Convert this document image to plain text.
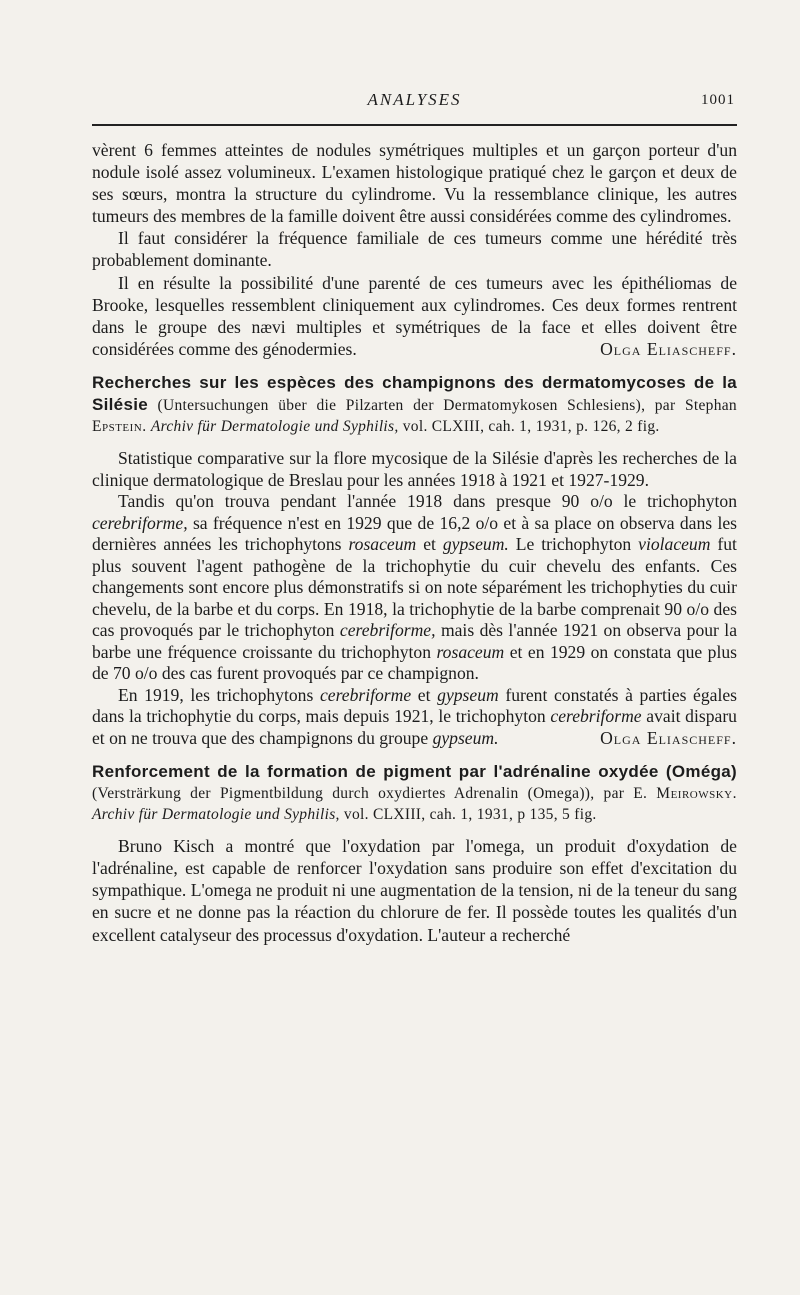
ANALYSES	1001

vèrent 6 femmes atteintes de nodules symétriques multiples et un garçon porteur d'un nodule isolé assez volumineux. L'examen histologique pratiqué chez le garçon et deux de ses sœurs, montra la structure du cylindrome. Vu la ressemblance clinique, les autres tumeurs des membres de la famille doivent être aussi considérées comme des cylindromes.

Il faut considérer la fréquence familiale de ces tumeurs comme une hérédité très probablement dominante.

Il en résulte la possibilité d'une parenté de ces tumeurs avec les épithéliomas de Brooke, lesquelles ressemblent cliniquement aux cylindromes. Ces deux formes rentrent dans le groupe des nævi multiples et symétriques de la face et elles doivent être considérées comme des génodermies.	Olga Eliascheff.

Recherches sur les espèces des champignons des dermatomycoses de la Silésie (Untersuchungen über die Pilzarten der Dermatomykosen Schlesiens), par Stephan Epstein. Archiv für Dermatologie und Syphilis, vol. CLXIII, cah. 1, 1931, p. 126, 2 fig.

Statistique comparative sur la flore mycosique de la Silésie d'après les recherches de la clinique dermatologique de Breslau pour les années 1918 à 1921 et 1927-1929.

Tandis qu'on trouva pendant l'année 1918 dans presque 90 o/o le trichophyton cerebriforme, sa fréquence n'est en 1929 que de 16,2 o/o et à sa place on observa dans les dernières années les trichophytons rosaceum et gypseum. Le trichophyton violaceum fut plus souvent l'agent pathogène de la trichophytie du cuir chevelu des enfants. Ces changements sont encore plus démonstratifs si on note séparément les trichophyties du cuir chevelu, de la barbe et du corps. En 1918, la trichophytie de la barbe comprenait 90 o/o des cas provoqués par le trichophyton cerebriforme, mais dès l'année 1921 on observa pour la barbe une fréquence croissante du trichophyton rosaceum et en 1929 on constata que plus de 70 o/o des cas furent provoqués par ce champignon.

En 1919, les trichophytons cerebriforme et gypseum furent constatés à parties égales dans la trichophytie du corps, mais depuis 1921, le trichophyton cerebriforme avait disparu et on ne trouva que des champignons du groupe gypseum.	Olga Eliascheff.

Renforcement de la formation de pigment par l'adrénaline oxydée (Oméga) (Versträrkung der Pigmentbildung durch oxydiertes Adrenalin (Omega)), par E. Meirowsky. Archiv für Dermatologie und Syphilis, vol. CLXIII, cah. 1, 1931, p 135, 5 fig.

Bruno Kisch a montré que l'oxydation par l'omega, un produit d'oxydation de l'adrénaline, est capable de renforcer l'oxydation sans produire son effet d'excitation du sympathique. L'omega ne produit ni une augmentation de la tension, ni de la teneur du sang en sucre et ne donne pas la réaction du chlorure de fer. Il possède toutes les qualités d'un excellent catalyseur des processus d'oxydation. L'auteur a recherché
